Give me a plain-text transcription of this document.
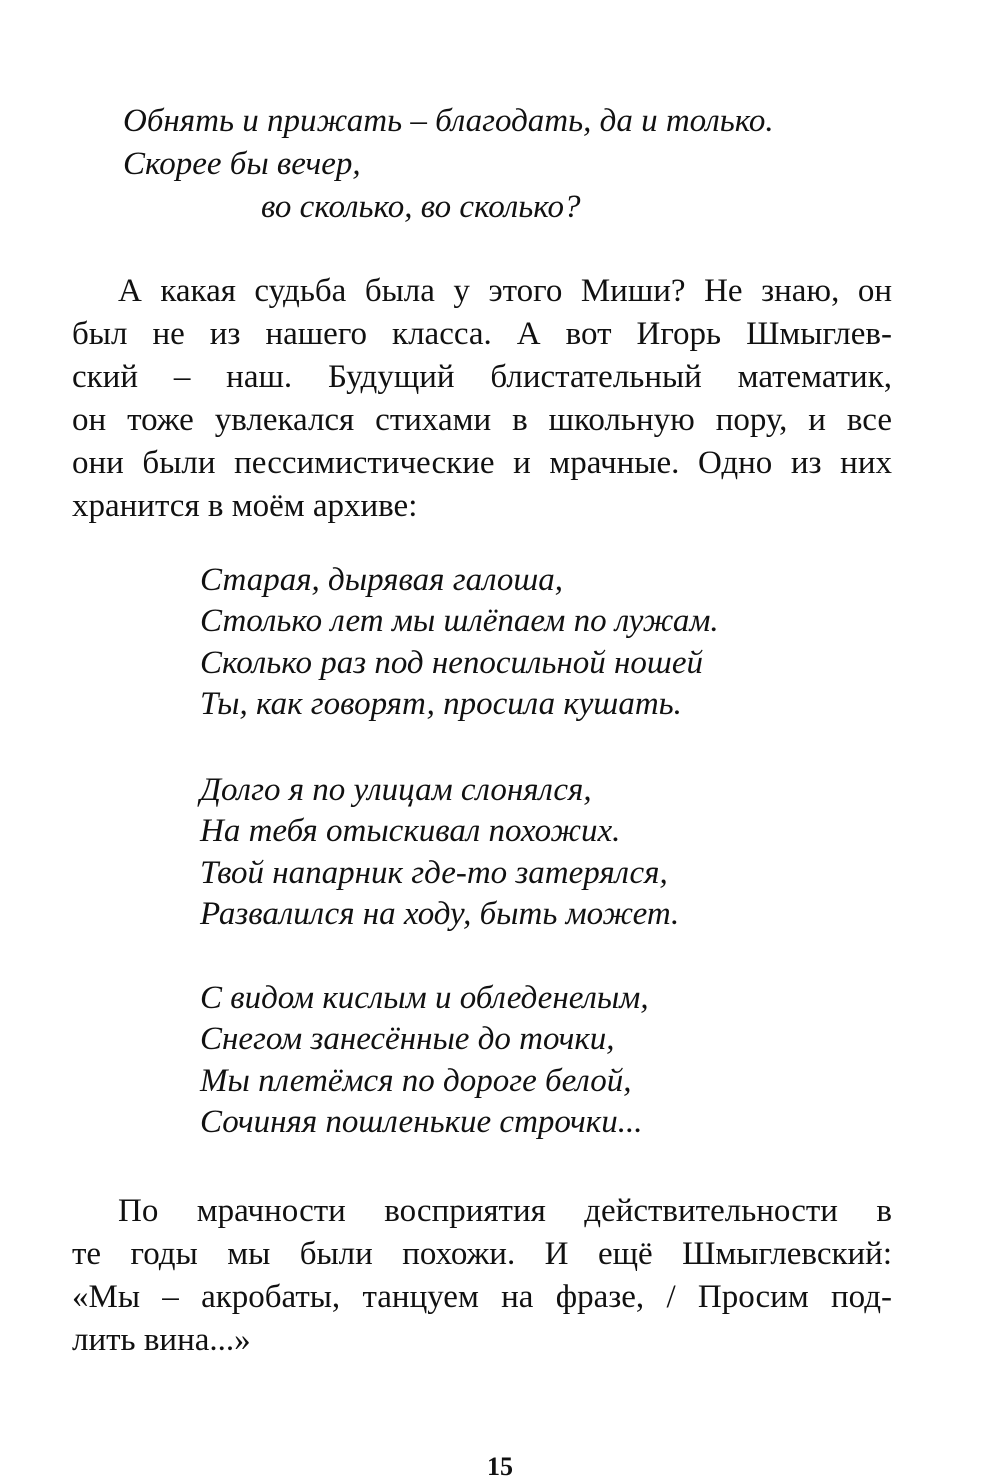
Обнять и прижать – благодать, да и только.
Скорее бы вечер,
во сколько, во сколько?
А какая судьба была у этого Миши? Не знаю, он
был не из нашего класса. А вот Игорь Шмыглев-
ский – наш. Будущий блистательный математик,
он тоже увлекался стихами в школьную пору, и все
они были пессимистические и мрачные. Одно из них
хранится в моём архиве:
Старая, дырявая галоша,
Столько лет мы шлёпаем по лужам.
Сколько раз под непосильной ношей
Ты, как говорят, просила кушать.
Долго я по улицам слонялся,
На тебя отыскивал похожих.
Твой напарник где-то затерялся,
Развалился на ходу, быть может.
С видом кислым и обледенелым,
Снегом занесённые до точки,
Мы плетёмся по дороге белой,
Сочиняя пошленькие строчки...
По мрачности восприятия действительности в
те годы мы были похожи. И ещё Шмыглевский:
«Мы – акробаты, танцуем на фразе, / Просим под-
лить вина...»
15
